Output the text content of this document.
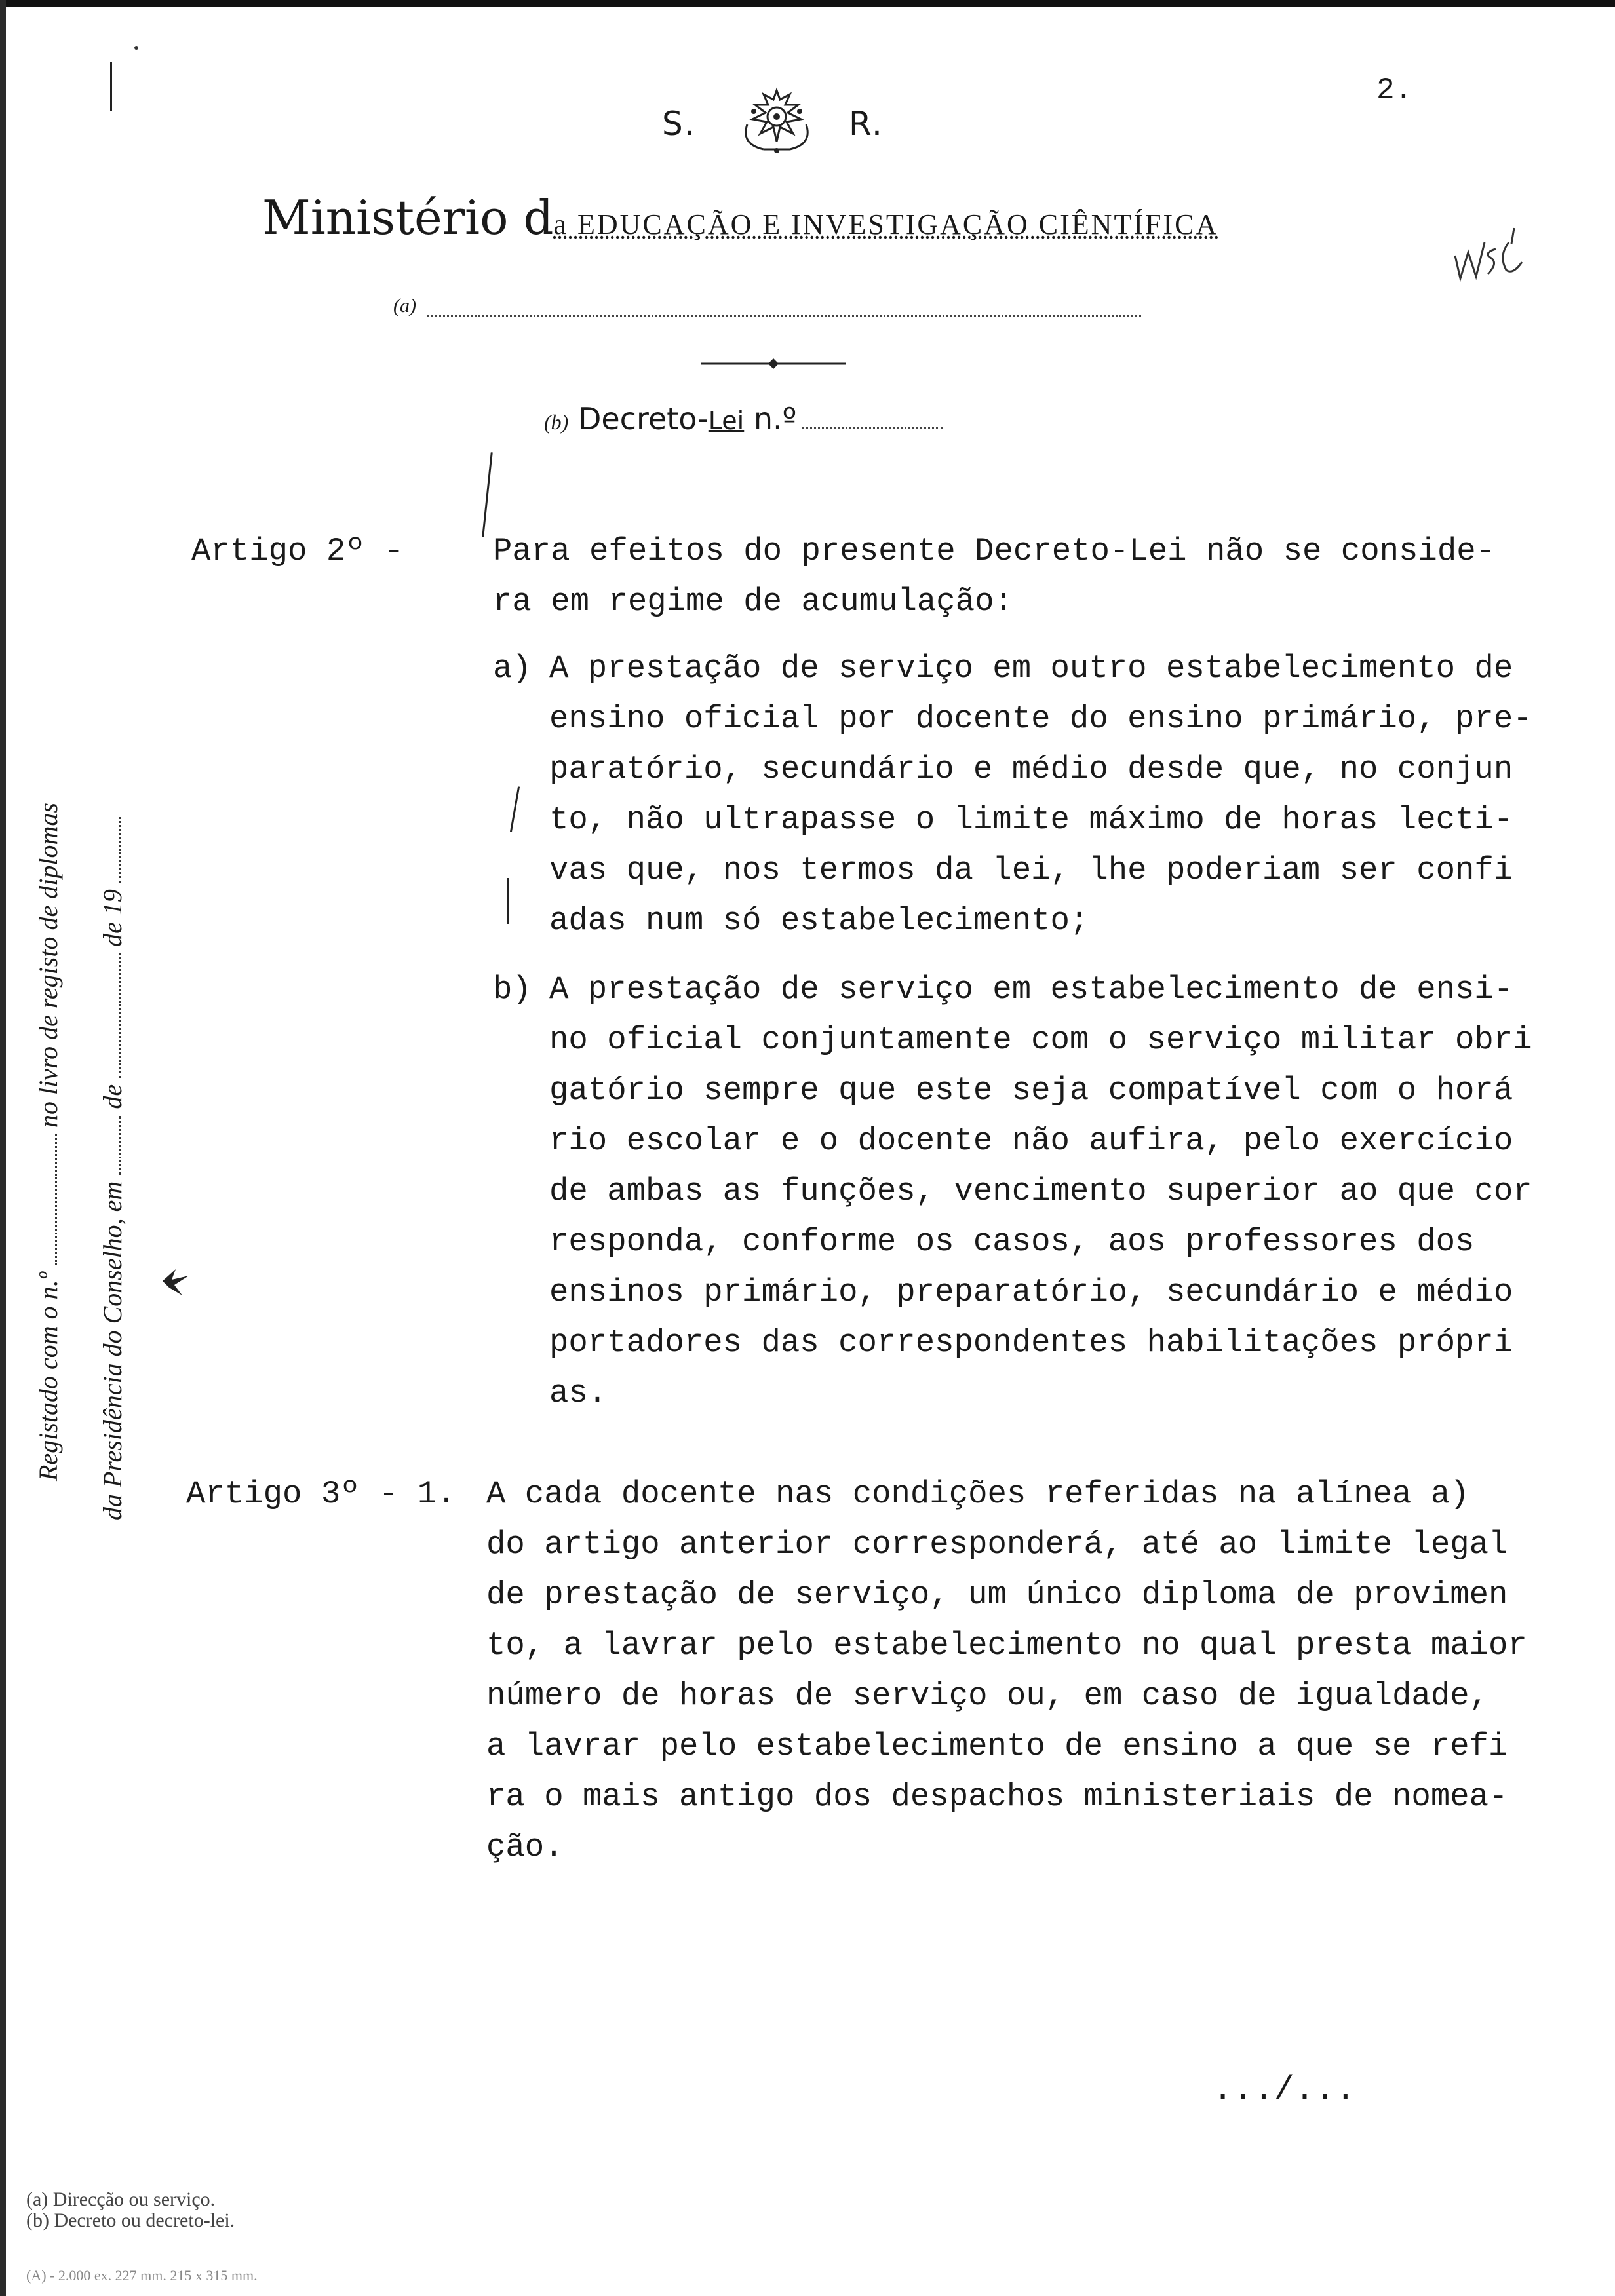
2.
S.	R.
Ministério da EDUCAÇÃO E INVESTIGAÇÃO CIÊNTÍFICA
(a)
(b) Decreto-Lei n.º
Artigo 2º -	Para efeitos do presente Decreto-Lei não se conside-
ra em regime de acumulação:
a) A prestação de serviço em outro estabelecimento de
ensino oficial por docente do ensino primário, pre-
paratório, secundário e médio desde que, no conjun
to, não ultrapasse o limite máximo de horas lecti-
vas que, nos termos da lei, lhe poderiam ser confi
adas num só estabelecimento;
b) A prestação de serviço em estabelecimento de ensi-
no oficial conjuntamente com o serviço militar obri
gatório sempre que este seja compatível com o horá
rio escolar e o docente não aufira, pelo exercício
de ambas as funções, vencimento superior ao que cor
responda, conforme os casos, aos professores dos
ensinos primário, preparatório, secundário e médio
portadores das correspondentes habilitações própri
as.
Artigo 3º - 1. A cada docente nas condições referidas na alínea a)
do artigo anterior corresponderá, até ao limite legal
de prestação de serviço, um único diploma de provimen
to, a lavrar pelo estabelecimento no qual presta maior
número de horas de serviço ou, em caso de igualdade,
a lavrar pelo estabelecimento de ensino a que se refi
ra o mais antigo dos despachos ministeriais de nomea-
ção.
Registado com o n.º  no livro de registo de diplomas
da Presidência do Conselho, em  de  de 19
.../...
(a) Direcção ou serviço.
(b) Decreto ou decreto-lei.
(A) - 2.000 ex. 227 mm. 215 x 315 mm.
